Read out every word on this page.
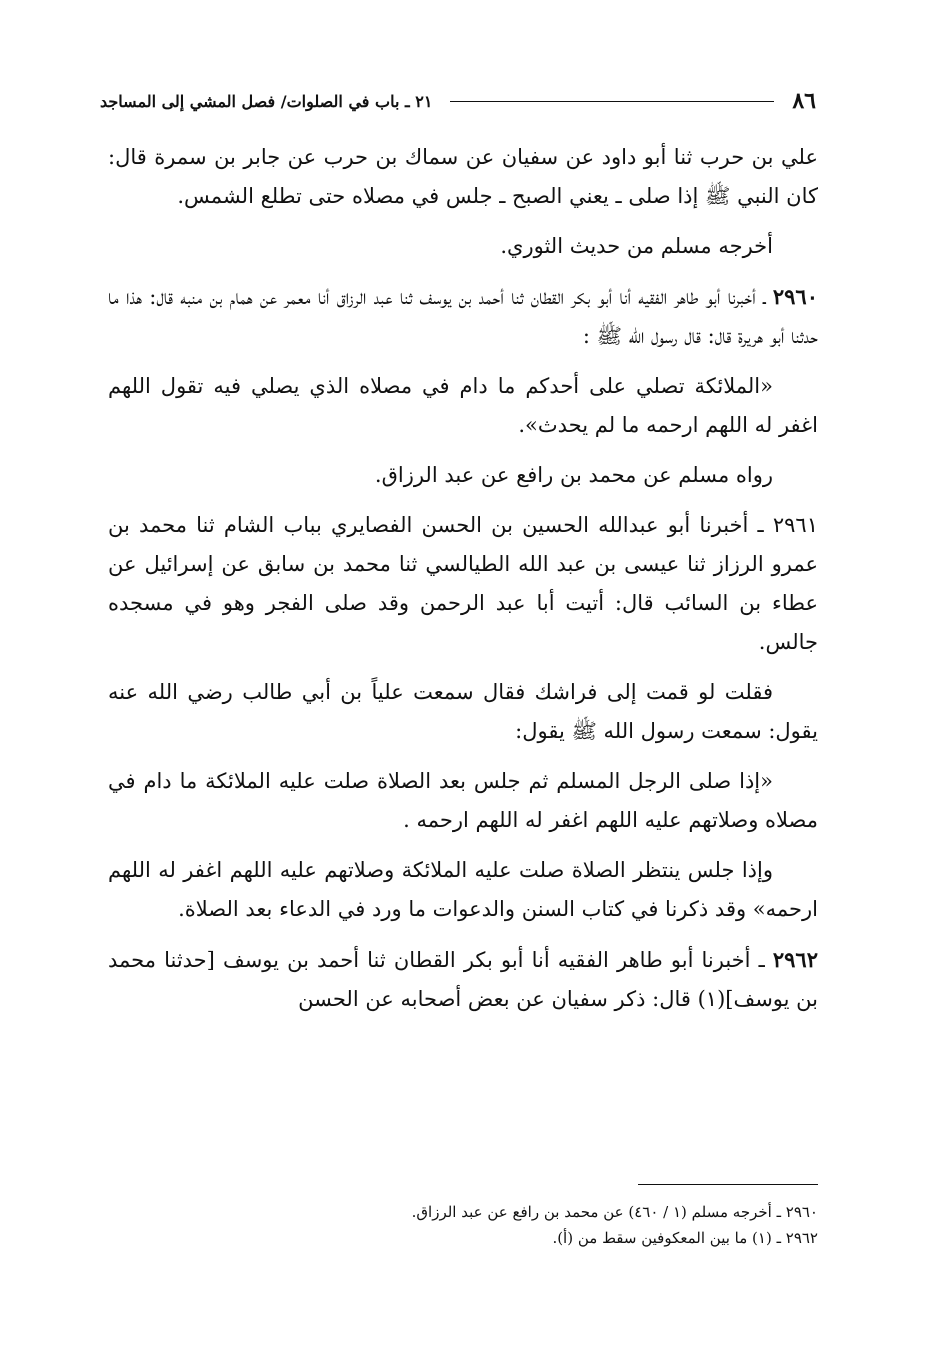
٨٦
٢١ ـ باب في الصلوات/ فصل المشي إلى المساجد

علي بن حرب ثنا أبو داود عن سفيان عن سماك بن حرب عن جابر بن سمرة قال: كان النبي ﷺ إذا صلى ـ يعني الصبح ـ جلس في مصلاه حتى تطلع الشمس.

أخرجه مسلم من حديث الثوري.

٢٩٦٠ ـ أخبرنا أبو طاهر الفقيه أنا أبو بكر القطان ثنا أحمد بن يوسف ثنا عبد الرزاق أنا معمر عن همام بن منبه قال: هذا ما حدثنا أبو هريرة قال: قال رسول الله ﷺ :

«الملائكة تصلي على أحدكم ما دام في مصلاه الذي يصلي فيه تقول اللهم اغفر له اللهم ارحمه ما لم يحدث».

رواه مسلم عن محمد بن رافع عن عبد الرزاق.

٢٩٦١ ـ أخبرنا أبو عبدالله الحسين بن الحسن الفصايري بباب الشام ثنا محمد بن عمرو الرزاز ثنا عيسى بن عبد الله الطيالسي ثنا محمد بن سابق عن إسرائيل عن عطاء بن السائب قال: أتيت أبا عبد الرحمن وقد صلى الفجر وهو في مسجده جالس.

فقلت لو قمت إلى فراشك فقال سمعت علياً بن أبي طالب رضي الله عنه يقول: سمعت رسول الله ﷺ يقول:

«إذا صلى الرجل المسلم ثم جلس بعد الصلاة صلت عليه الملائكة ما دام في مصلاه وصلاتهم عليه اللهم اغفر له اللهم ارحمه .

وإذا جلس ينتظر الصلاة صلت عليه الملائكة وصلاتهم عليه اللهم اغفر له اللهم ارحمه» وقد ذكرنا في كتاب السنن والدعوات ما ورد في الدعاء بعد الصلاة.

٢٩٦٢ ـ أخبرنا أبو طاهر الفقيه أنا أبو بكر القطان ثنا أحمد بن يوسف [حدثنا محمد بن يوسف](١) قال: ذكر سفيان عن بعض أصحابه عن الحسن

٢٩٦٠ ـ أخرجه مسلم (١ / ٤٦٠) عن محمد بن رافع عن عبد الرزاق.
٢٩٦٢ ـ (١) ما بين المعكوفين سقط من (أ).
